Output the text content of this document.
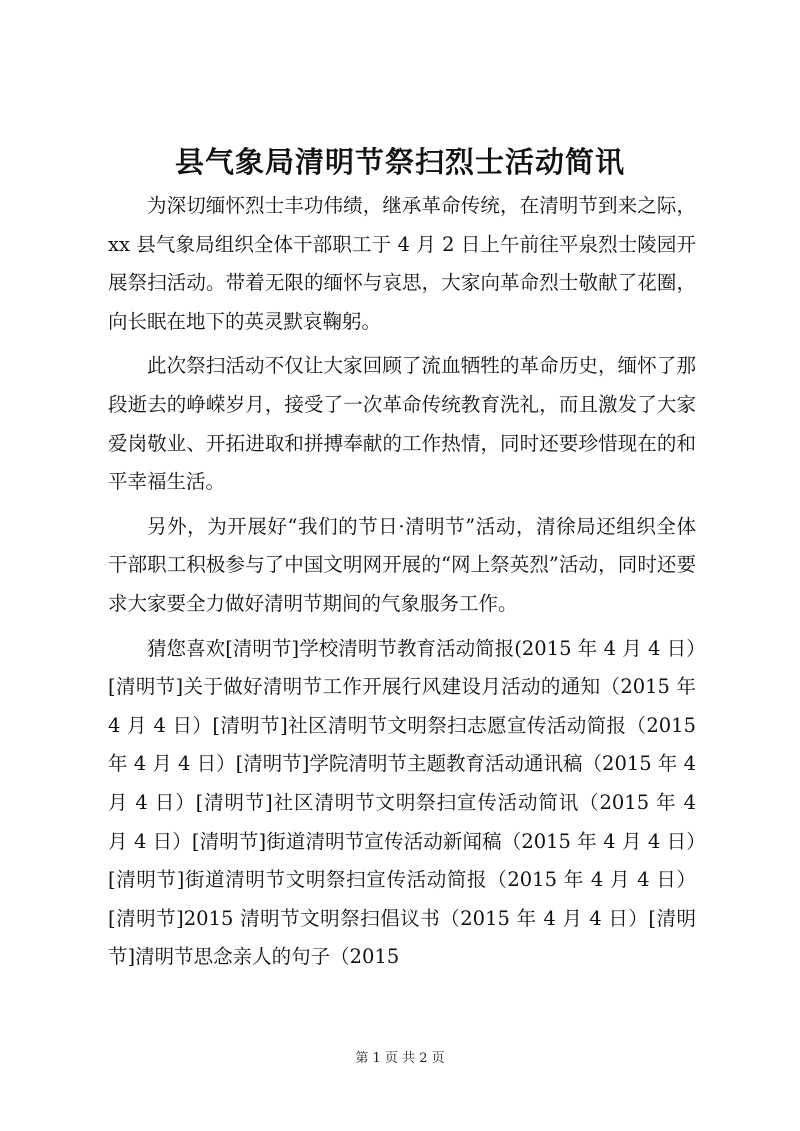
县气象局清明节祭扫烈士活动简讯

为深切缅怀烈士丰功伟绩，继承革命传统，在清明节到来之际，xx 县气象局组织全体干部职工于 4 月 2 日上午前往平泉烈士陵园开展祭扫活动。带着无限的缅怀与哀思，大家向革命烈士敬献了花圈，向长眠在地下的英灵默哀鞠躬。

此次祭扫活动不仅让大家回顾了流血牺牲的革命历史，缅怀了那段逝去的峥嵘岁月，接受了一次革命传统教育洗礼，而且激发了大家爱岗敬业、开拓进取和拼搏奉献的工作热情，同时还要珍惜现在的和平幸福生活。

另外，为开展好“我们的节日·清明节”活动，清徐局还组织全体干部职工积极参与了中国文明网开展的“网上祭英烈”活动，同时还要求大家要全力做好清明节期间的气象服务工作。

猜您喜欢[清明节]学校清明节教育活动简报(2015 年 4 月 4 日）[清明节]关于做好清明节工作开展行风建设月活动的通知（2015 年 4 月 4 日）[清明节]社区清明节文明祭扫志愿宣传活动简报（2015 年 4 月 4 日）[清明节]学院清明节主题教育活动通讯稿（2015 年 4 月 4 日）[清明节]社区清明节文明祭扫宣传活动简讯（2015 年 4 月 4 日）[清明节]街道清明节宣传活动新闻稿（2015 年 4 月 4 日）[清明节]街道清明节文明祭扫宣传活动简报（2015 年 4 月 4 日）[清明节]2015 清明节文明祭扫倡议书（2015 年 4 月 4 日）[清明节]清明节思念亲人的句子（2015

第 1 页 共 2 页
